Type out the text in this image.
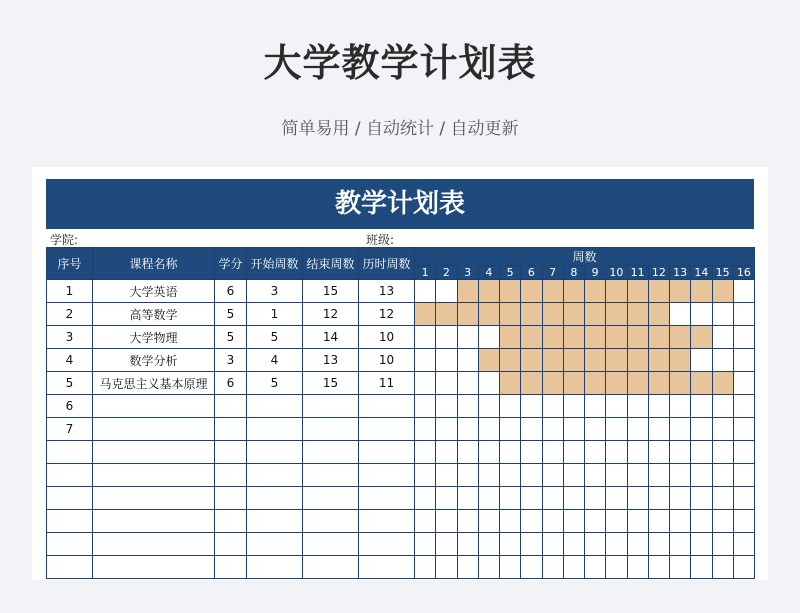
大学教学计划表
简单易用 / 自动统计 / 自动更新
教学计划表
学院:	班级:
序号	课程名称	学分	开始周数	结束周数	历时周数	周数															
						1	2	3	4	5	6	7	8	9	10	11	12	13	14	15	16
1	大学英语	6	3	15	13																
2	高等数学	5	1	12	12																
3	大学物理	5	5	14	10																
4	数学分析	3	4	13	10																
5	马克思主义基本原理	6	5	15	11																
6																					
7																					
